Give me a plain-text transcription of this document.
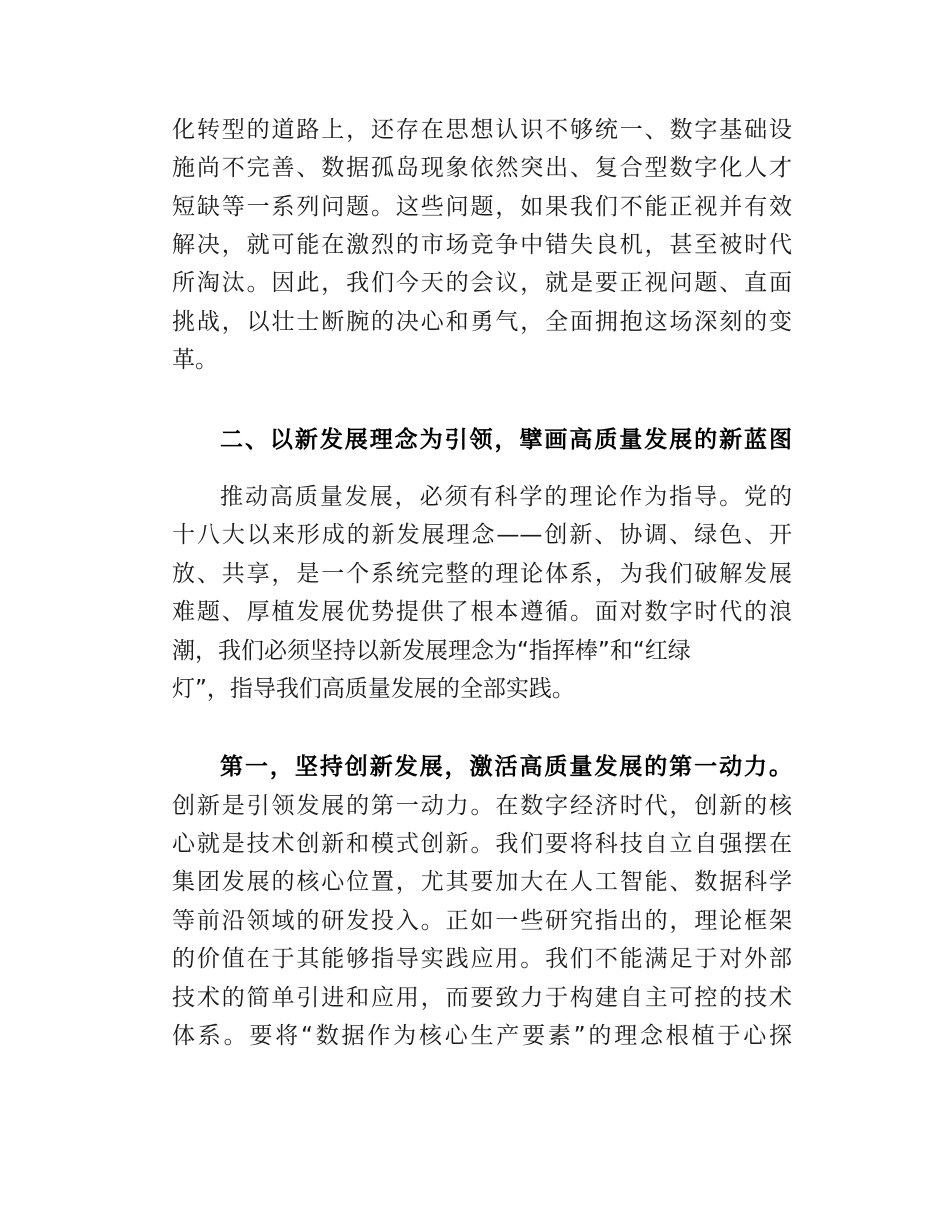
化转型的道路上，还存在思想认识不够统一、数字基础设
施尚不完善、数据孤岛现象依然突出、复合型数字化人才
短缺等一系列问题。这些问题，如果我们不能正视并有效
解决，就可能在激烈的市场竞争中错失良机，甚至被时代
所淘汰。因此，我们今天的会议，就是要正视问题、直面
挑战，以壮士断腕的决心和勇气，全面拥抱这场深刻的变
革。
二、以新发展理念为引领，擘画高质量发展的新蓝图
推动高质量发展，必须有科学的理论作为指导。党的
十八大以来形成的新发展理念——创新、协调、绿色、开
放、共享，是一个系统完整的理论体系，为我们破解发展
难题、厚植发展优势提供了根本遵循。面对数字时代的浪
潮，我们必须坚持以新发展理念为“指挥棒”和“红绿
灯”，指导我们高质量发展的全部实践。
第一，坚持创新发展，激活高质量发展的第一动力。
创新是引领发展的第一动力。在数字经济时代，创新的核
心就是技术创新和模式创新。我们要将科技自立自强摆在
集团发展的核心位置，尤其要加大在人工智能、数据科学
等前沿领域的研发投入。正如一些研究指出的，理论框架
的价值在于其能够指导实践应用。我们不能满足于对外部
技术的简单引进和应用，而要致力于构建自主可控的技术
体系。要将“数据作为核心生产要素”的理念根植于心探
